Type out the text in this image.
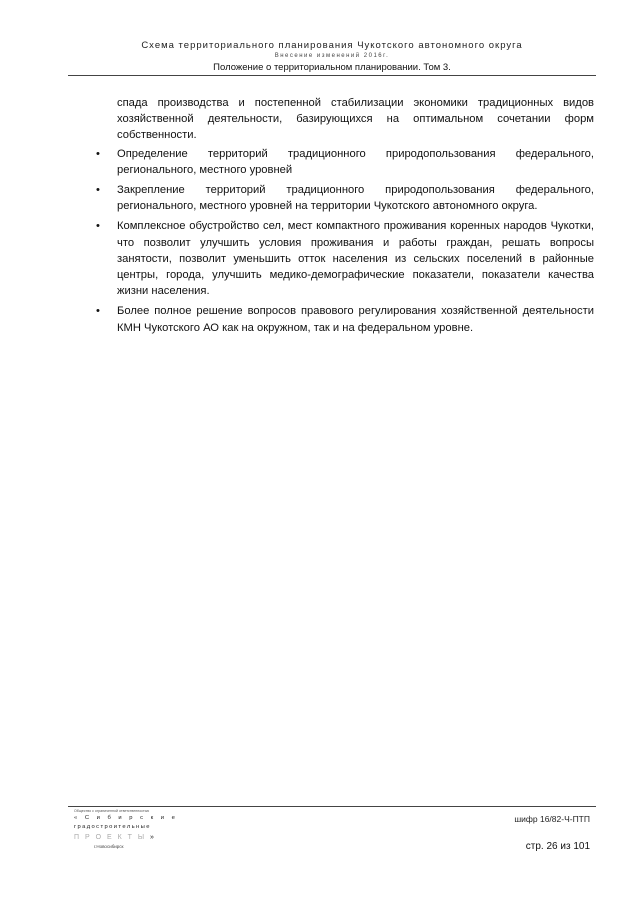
Схема территориального планирования Чукотского автономного округа
Внесение изменений 2016г.
Положение о территориальном планировании. Том 3.

спада производства и постепенной стабилизации экономики традиционных видов хозяйственной деятельности, базирующихся на оптимальном сочетании форм собственности.

• Определение территорий традиционного природопользования федерального, регионального, местного уровней
• Закрепление территорий традиционного природопользования федерального, регионального, местного уровней на территории Чукотского автономного округа.
• Комплексное обустройство сел, мест компактного проживания коренных народов Чукотки, что позволит улучшить условия проживания и работы граждан, решать вопросы занятости, позволит уменьшить отток населения из сельских поселений в районные центры, города, улучшить медико-демографические показатели, показатели качества жизни населения.
• Более полное решение вопросов правового регулирования хозяйственной деятельности КМН Чукотского АО как на окружном, так и на федеральном уровне.
Общество с ограниченной ответственностью
« С и б и р с к и е
градостроительные
П Р О Е К Т Ы »
г.Новосибирск
шифр 16/82-Ч-ПТП
стр. 26 из 101
